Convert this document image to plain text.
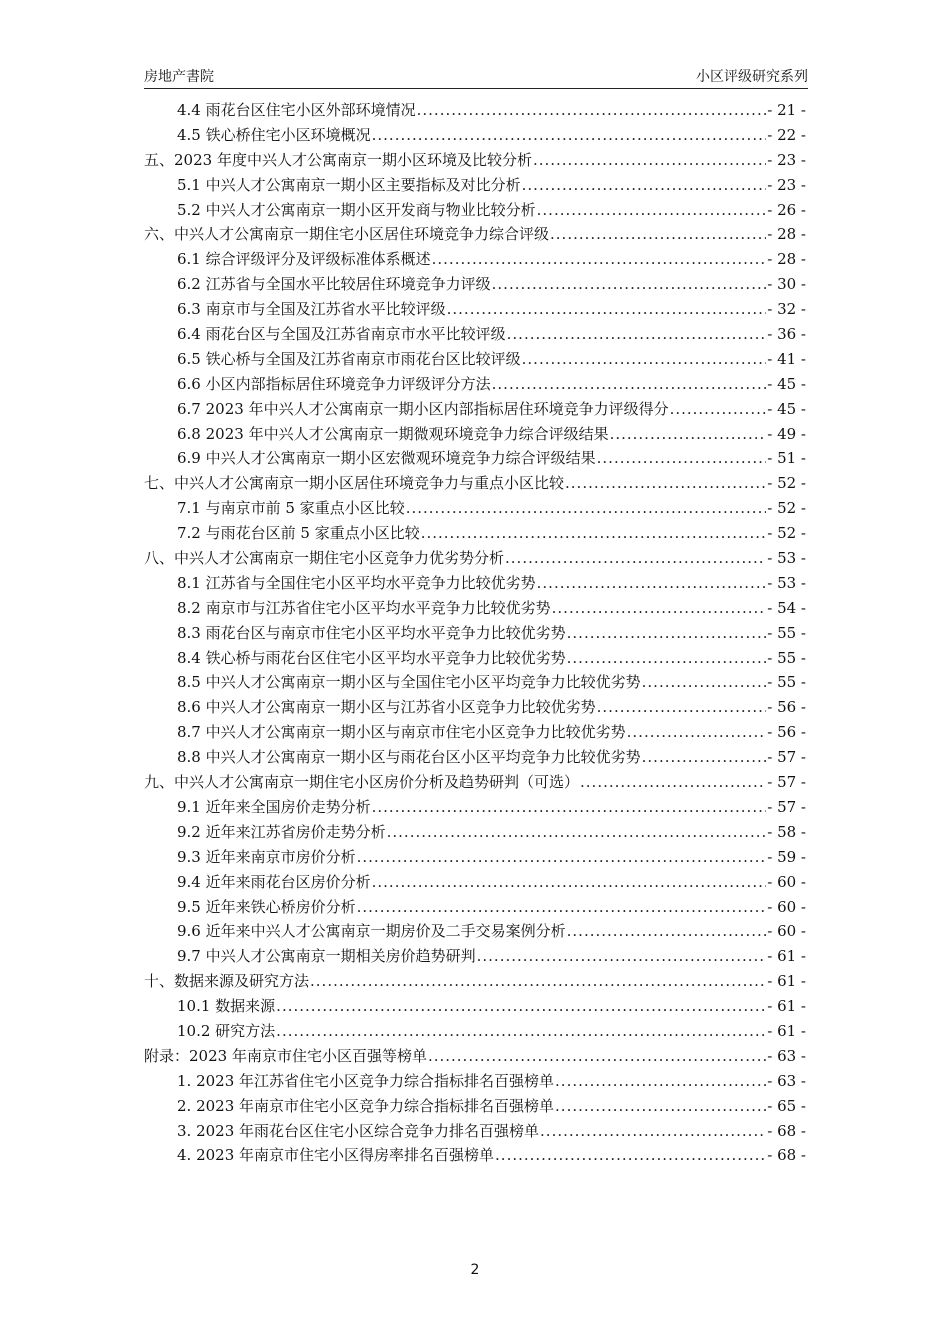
房地产書院	小区评级研究系列
4.4 雨花台区住宅小区外部环境情况 .....	- 21 -
4.5 铁心桥住宅小区环境概况 .....	- 22 -
五、2023 年度中兴人才公寓南京一期小区环境及比较分析 .....	- 23 -
5.1 中兴人才公寓南京一期小区主要指标及对比分析 .....	- 23 -
5.2 中兴人才公寓南京一期小区开发商与物业比较分析 .....	- 26 -
六、中兴人才公寓南京一期住宅小区居住环境竞争力综合评级 .....	- 28 -
6.1 综合评级评分及评级标准体系概述 .....	- 28 -
6.2 江苏省与全国水平比较居住环境竞争力评级 .....	- 30 -
6.3 南京市与全国及江苏省水平比较评级 .....	- 32 -
6.4 雨花台区与全国及江苏省南京市水平比较评级 .....	- 36 -
6.5 铁心桥与全国及江苏省南京市雨花台区比较评级 .....	- 41 -
6.6 小区内部指标居住环境竞争力评级评分方法 .....	- 45 -
6.7 2023 年中兴人才公寓南京一期小区内部指标居住环境竞争力评级得分 .....	- 45 -
6.8 2023 年中兴人才公寓南京一期微观环境竞争力综合评级结果 .....	- 49 -
6.9 中兴人才公寓南京一期小区宏微观环境竞争力综合评级结果 .....	- 51 -
七、中兴人才公寓南京一期小区居住环境竞争力与重点小区比较 .....	- 52 -
7.1 与南京市前 5 家重点小区比较 .....	- 52 -
7.2 与雨花台区前 5 家重点小区比较 .....	- 52 -
八、中兴人才公寓南京一期住宅小区竞争力优劣势分析 .....	- 53 -
8.1 江苏省与全国住宅小区平均水平竞争力比较优劣势 .....	- 53 -
8.2 南京市与江苏省住宅小区平均水平竞争力比较优劣势 .....	- 54 -
8.3 雨花台区与南京市住宅小区平均水平竞争力比较优劣势 .....	- 55 -
8.4 铁心桥与雨花台区住宅小区平均水平竞争力比较优劣势 .....	- 55 -
8.5 中兴人才公寓南京一期小区与全国住宅小区平均竞争力比较优劣势 .....	- 55 -
8.6 中兴人才公寓南京一期小区与江苏省小区竞争力比较优劣势 .....	- 56 -
8.7 中兴人才公寓南京一期小区与南京市住宅小区竞争力比较优劣势 .....	- 56 -
8.8 中兴人才公寓南京一期小区与雨花台区小区平均竞争力比较优劣势 .....	- 57 -
九、中兴人才公寓南京一期住宅小区房价分析及趋势研判（可选） .....	- 57 -
9.1 近年来全国房价走势分析 .....	- 57 -
9.2 近年来江苏省房价走势分析 .....	- 58 -
9.3 近年来南京市房价分析 .....	- 59 -
9.4 近年来雨花台区房价分析 .....	- 60 -
9.5 近年来铁心桥房价分析 .....	- 60 -
9.6 近年来中兴人才公寓南京一期房价及二手交易案例分析 .....	- 60 -
9.7 中兴人才公寓南京一期相关房价趋势研判 .....	- 61 -
十、数据来源及研究方法 .....	- 61 -
10.1 数据来源 .....	- 61 -
10.2 研究方法 .....	- 61 -
附录：2023 年南京市住宅小区百强等榜单 .....	- 63 -
1. 2023 年江苏省住宅小区竞争力综合指标排名百强榜单 .....	- 63 -
2. 2023 年南京市住宅小区竞争力综合指标排名百强榜单 .....	- 65 -
3. 2023 年雨花台区住宅小区综合竞争力排名百强榜单 .....	- 68 -
4. 2023 年南京市住宅小区得房率排名百强榜单 .....	- 68 -
2
